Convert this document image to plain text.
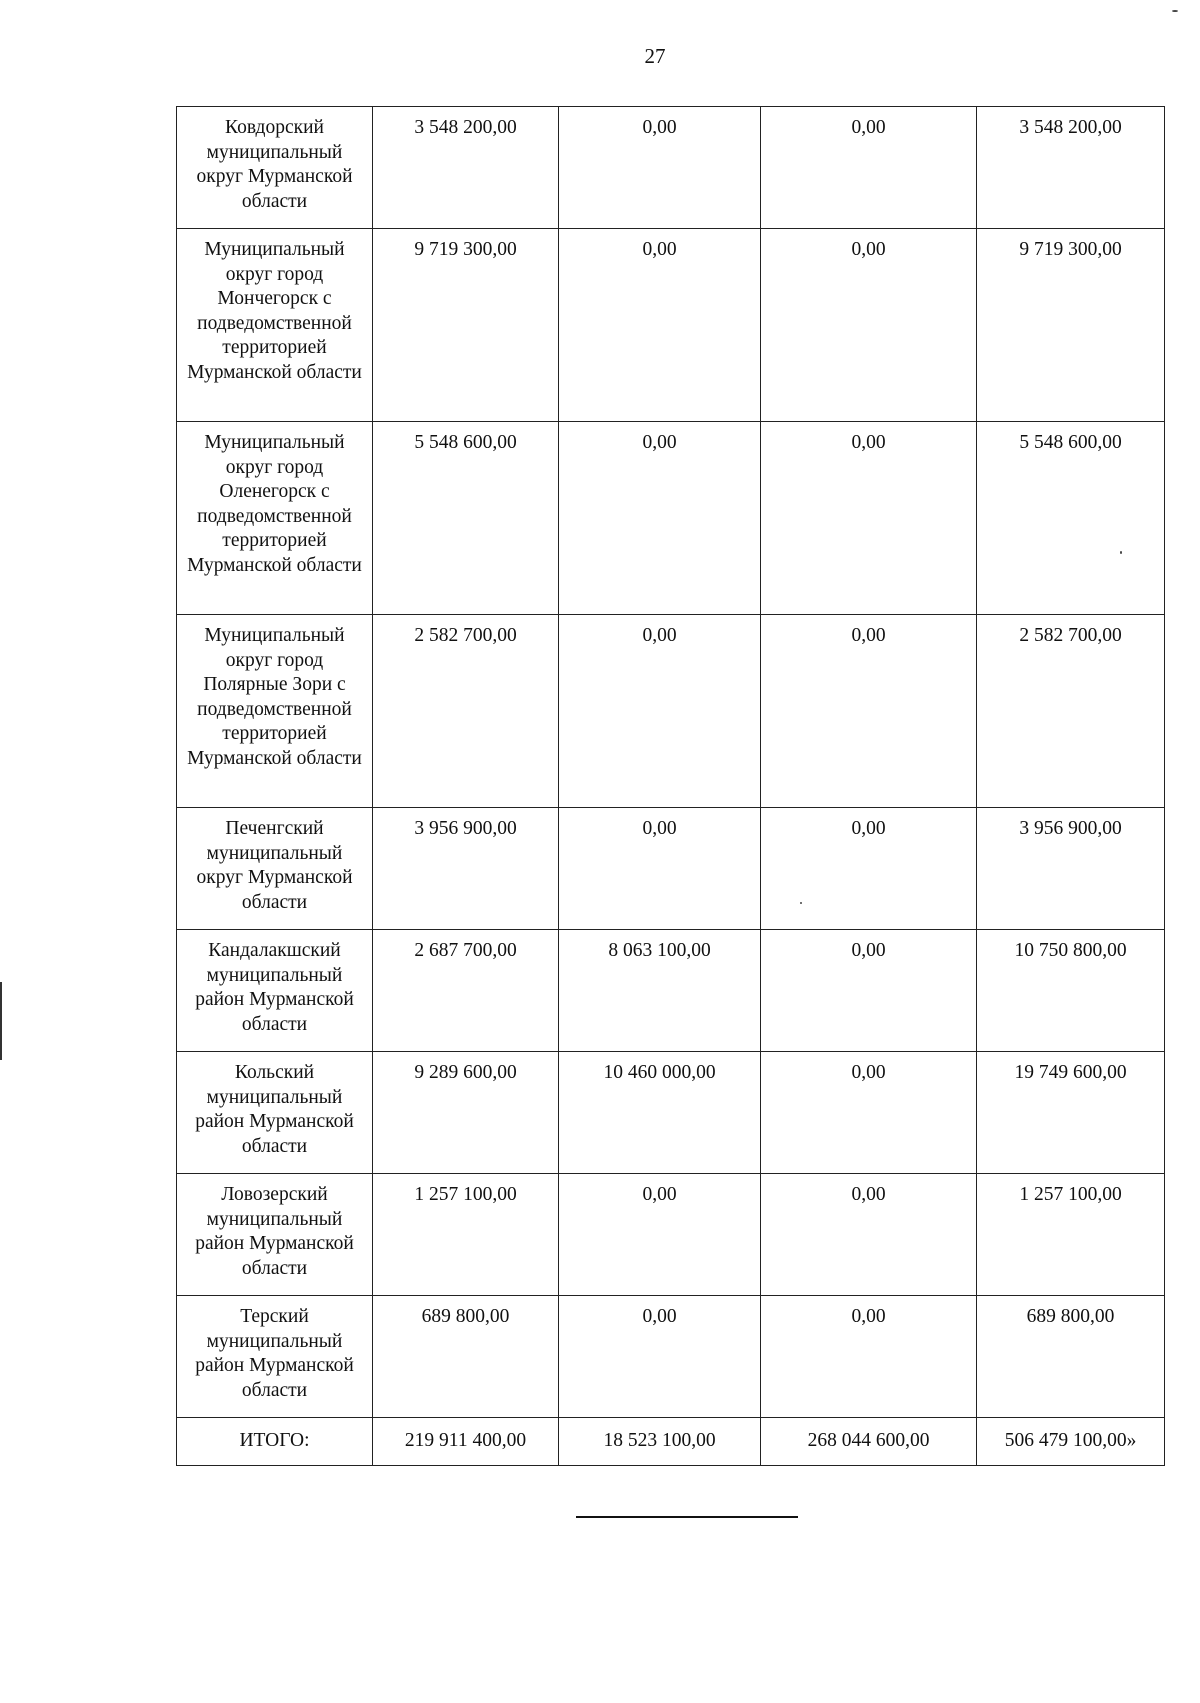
27
Ковдорский муниципальный округ Мурманской области	3 548 200,00	0,00	0,00	3 548 200,00
Муниципальный округ город Мончегорск с подведомственной территорией Мурманской области	9 719 300,00	0,00	0,00	9 719 300,00
Муниципальный округ город Оленегорск с подведомственной территорией Мурманской области	5 548 600,00	0,00	0,00	5 548 600,00
Муниципальный округ город Полярные Зори с подведомственной территорией Мурманской области	2 582 700,00	0,00	0,00	2 582 700,00
Печенгский муниципальный округ Мурманской области	3 956 900,00	0,00	0,00	3 956 900,00
Кандалакшский муниципальный район Мурманской области	2 687 700,00	8 063 100,00	0,00	10 750 800,00
Кольский муниципальный район Мурманской области	9 289 600,00	10 460 000,00	0,00	19 749 600,00
Ловозерский муниципальный район Мурманской области	1 257 100,00	0,00	0,00	1 257 100,00
Терский муниципальный район Мурманской области	689 800,00	0,00	0,00	689 800,00
ИТОГО:	219 911 400,00	18 523 100,00	268 044 600,00	506 479 100,00»
